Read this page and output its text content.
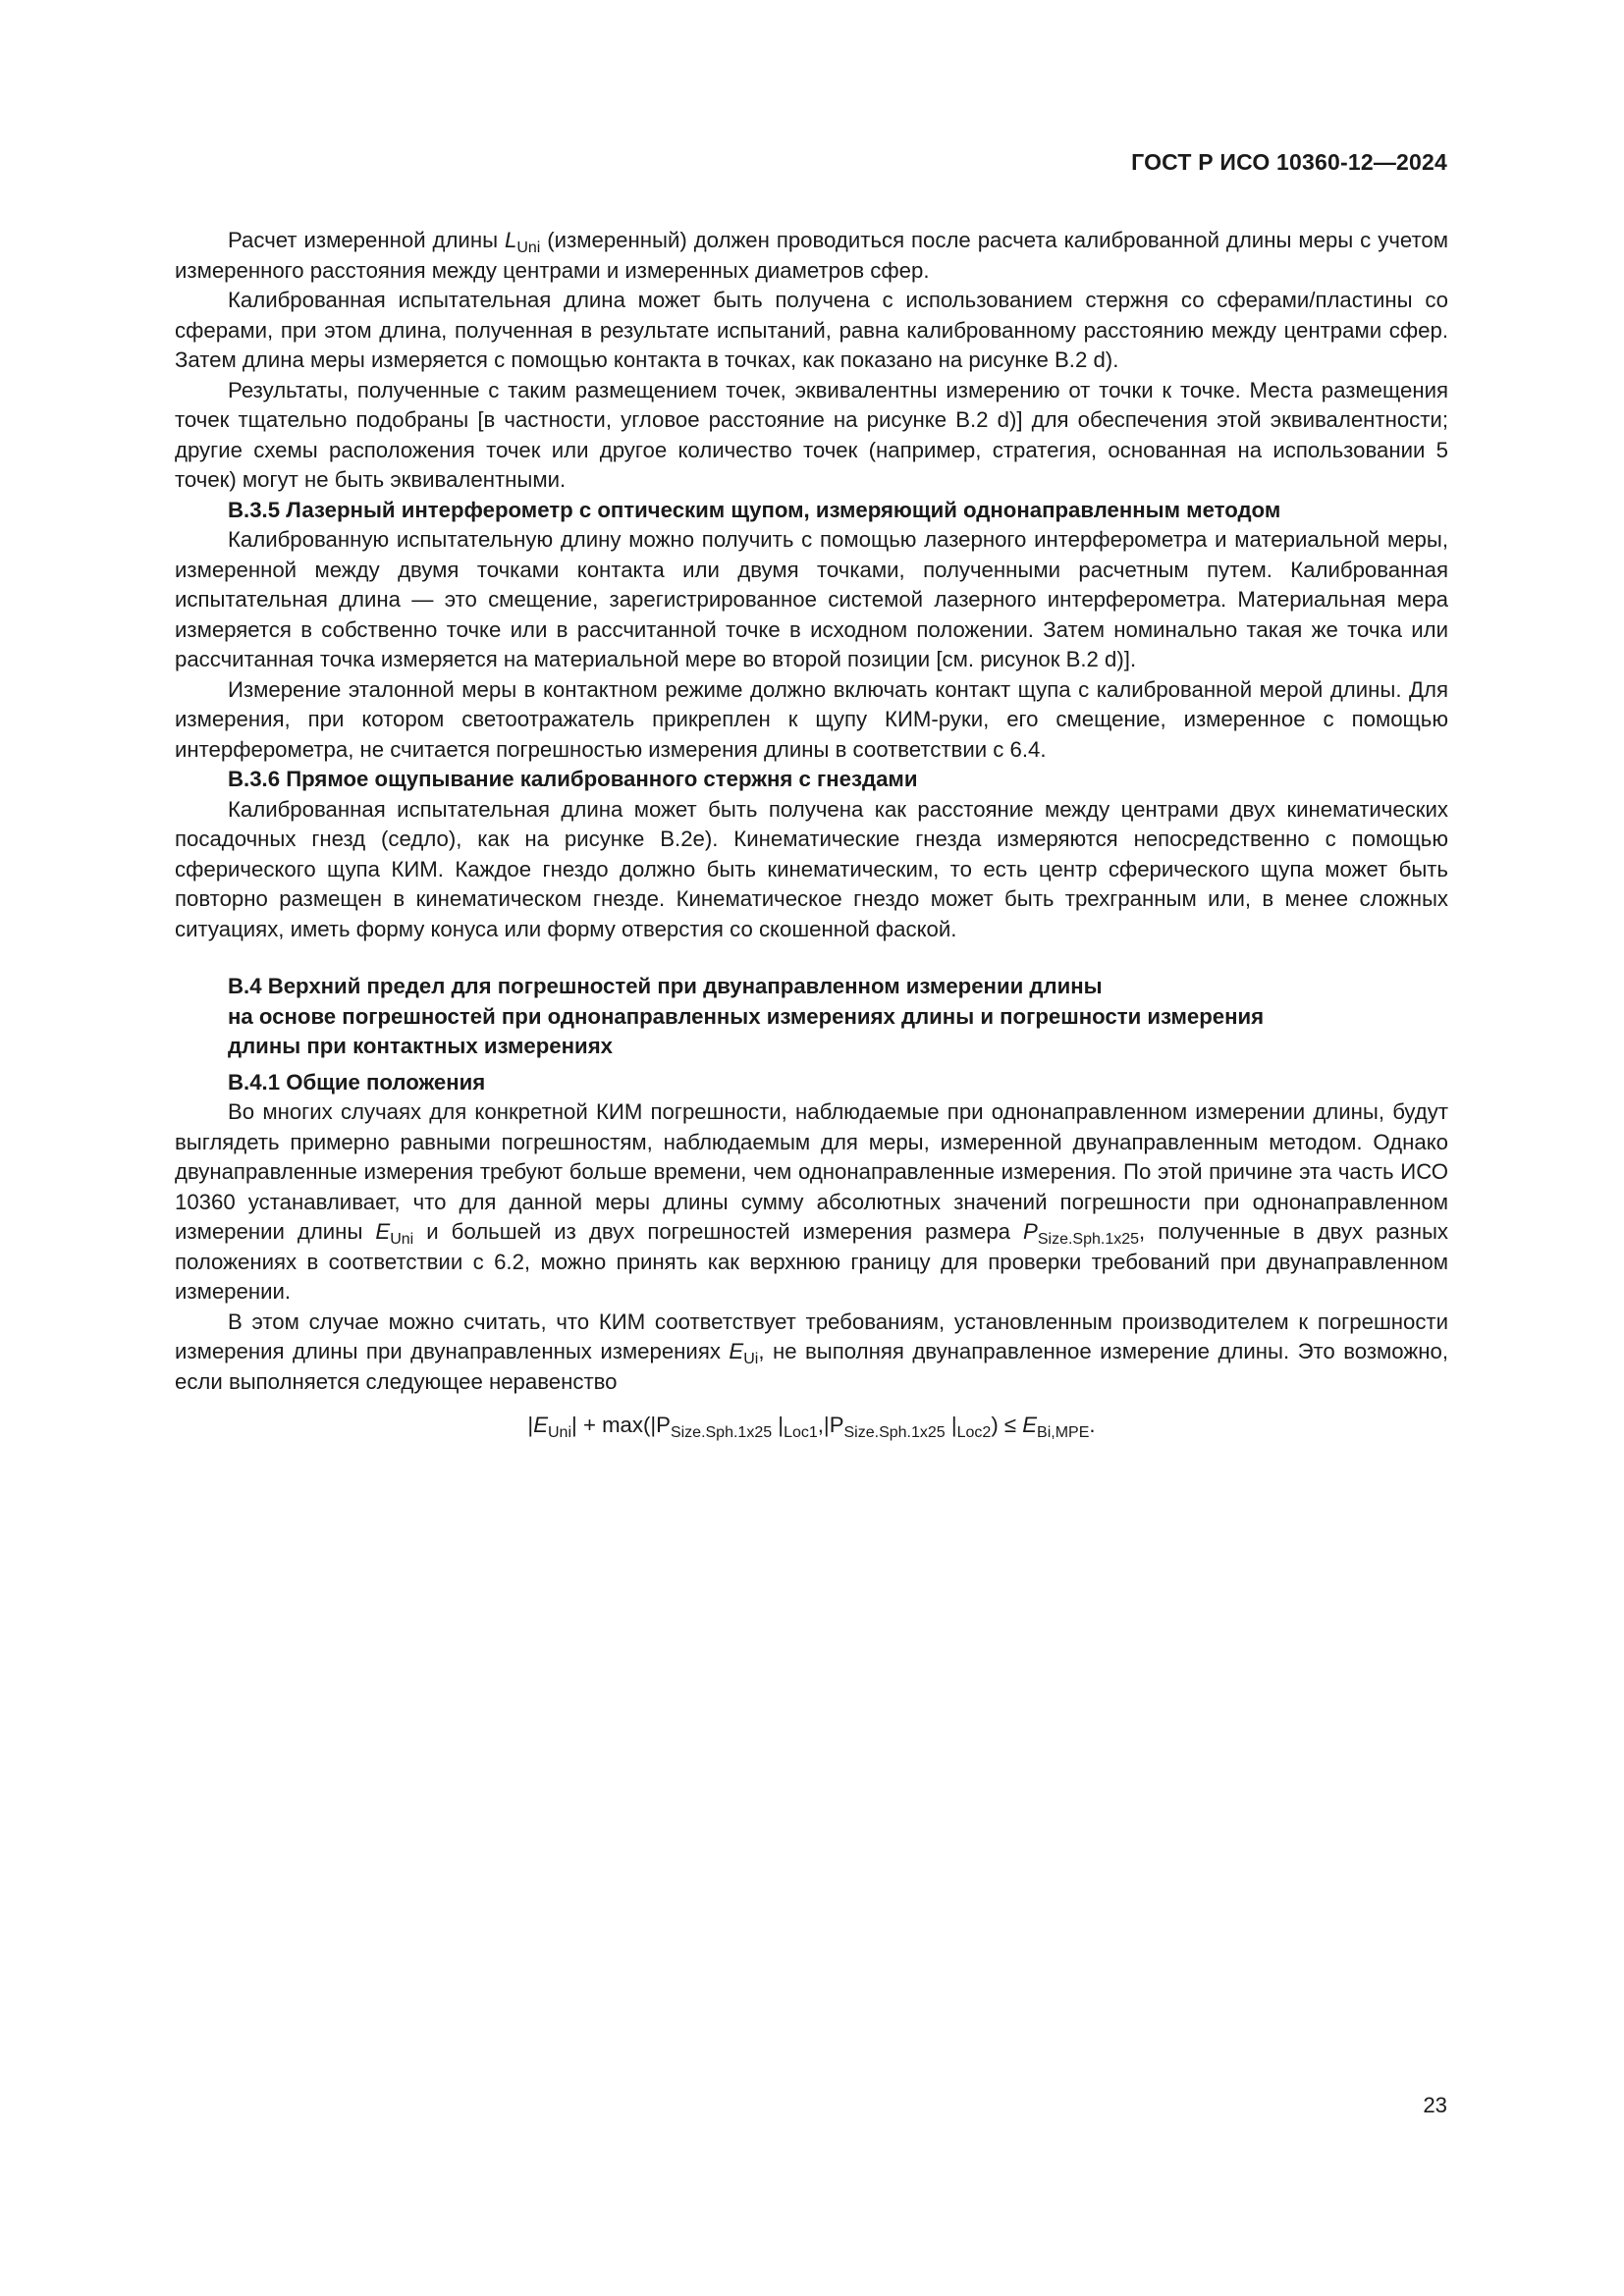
ГОСТ Р ИСО 10360-12—2024

Расчет измеренной длины $L_{Uni}$ (измеренный) должен проводиться после расчета калиброванной длины меры с учетом измеренного расстояния между центрами и измеренных диаметров сфер.

Калиброванная испытательная длина может быть получена с использованием стержня со сферами/пластины со сферами, при этом длина, полученная в результате испытаний, равна калиброванному расстоянию между центрами сфер. Затем длина меры измеряется с помощью контакта в точках, как показано на рисунке В.2 d).

Результаты, полученные с таким размещением точек, эквивалентны измерению от точки к точке. Места размещения точек тщательно подобраны [в частности, угловое расстояние на рисунке В.2 d)] для обеспечения этой эквивалентности; другие схемы расположения точек или другое количество точек (например, стратегия, основанная на использовании 5 точек) могут не быть эквивалентными.

В.3.5 Лазерный интерферометр с оптическим щупом, измеряющий однонаправленным методом

Калиброванную испытательную длину можно получить с помощью лазерного интерферометра и материальной меры, измеренной между двумя точками контакта или двумя точками, полученными расчетным путем. Калиброванная испытательная длина — это смещение, зарегистрированное системой лазерного интерферометра. Материальная мера измеряется в собственно точке или в рассчитанной точке в исходном положении. Затем номинально такая же точка или рассчитанная точка измеряется на материальной мере во второй позиции [см. рисунок В.2 d)].

Измерение эталонной меры в контактном режиме должно включать контакт щупа с калиброванной мерой длины. Для измерения, при котором светоотражатель прикреплен к щупу КИМ-руки, его смещение, измеренное с помощью интерферометра, не считается погрешностью измерения длины в соответствии с 6.4.

В.3.6 Прямое ощупывание калиброванного стержня с гнездами

Калиброванная испытательная длина может быть получена как расстояние между центрами двух кинематических посадочных гнезд (седло), как на рисунке В.2е). Кинематические гнезда измеряются непосредственно с помощью сферического щупа КИМ. Каждое гнездо должно быть кинематическим, то есть центр сферического щупа может быть повторно размещен в кинематическом гнезде. Кинематическое гнездо может быть трехгранным или, в менее сложных ситуациях, иметь форму конуса или форму отверстия со скошенной фаской.

В.4 Верхний предел для погрешностей при двунаправленном измерении длины
на основе погрешностей при однонаправленных измерениях длины и погрешности измерения
длины при контактных измерениях
В.4.1 Общие положения

Во многих случаях для конкретной КИМ погрешности, наблюдаемые при однонаправленном измерении длины, будут выглядеть примерно равными погрешностям, наблюдаемым для меры, измеренной двунаправленным методом. Однако двунаправленные измерения требуют больше времени, чем однонаправленные измерения. По этой причине эта часть ИСО 10360 устанавливает, что для данной меры длины сумму абсолютных значений погрешности при однонаправленном измерении длины $E_{Uni}$ и большей из двух погрешностей измерения размера $P_{Size.Sph.1x25}$, полученные в двух разных положениях в соответствии с 6.2, можно принять как верхнюю границу для проверки требований при двунаправленном измерении.

В этом случае можно считать, что КИМ соответствует требованиям, установленным производителем к погрешности измерения длины при двунаправленных измерениях $E_{Ui}$, не выполняя двунаправленное измерение длины. Это возможно, если выполняется следующее неравенство

$|E_{Uni}| + \max(|P_{Size.Sph.1x25}$ $|_{Loc1},|P_{Size.Sph.1x25}$ $|_{Loc2}) \le E_{Bi,MPE}$.
23
